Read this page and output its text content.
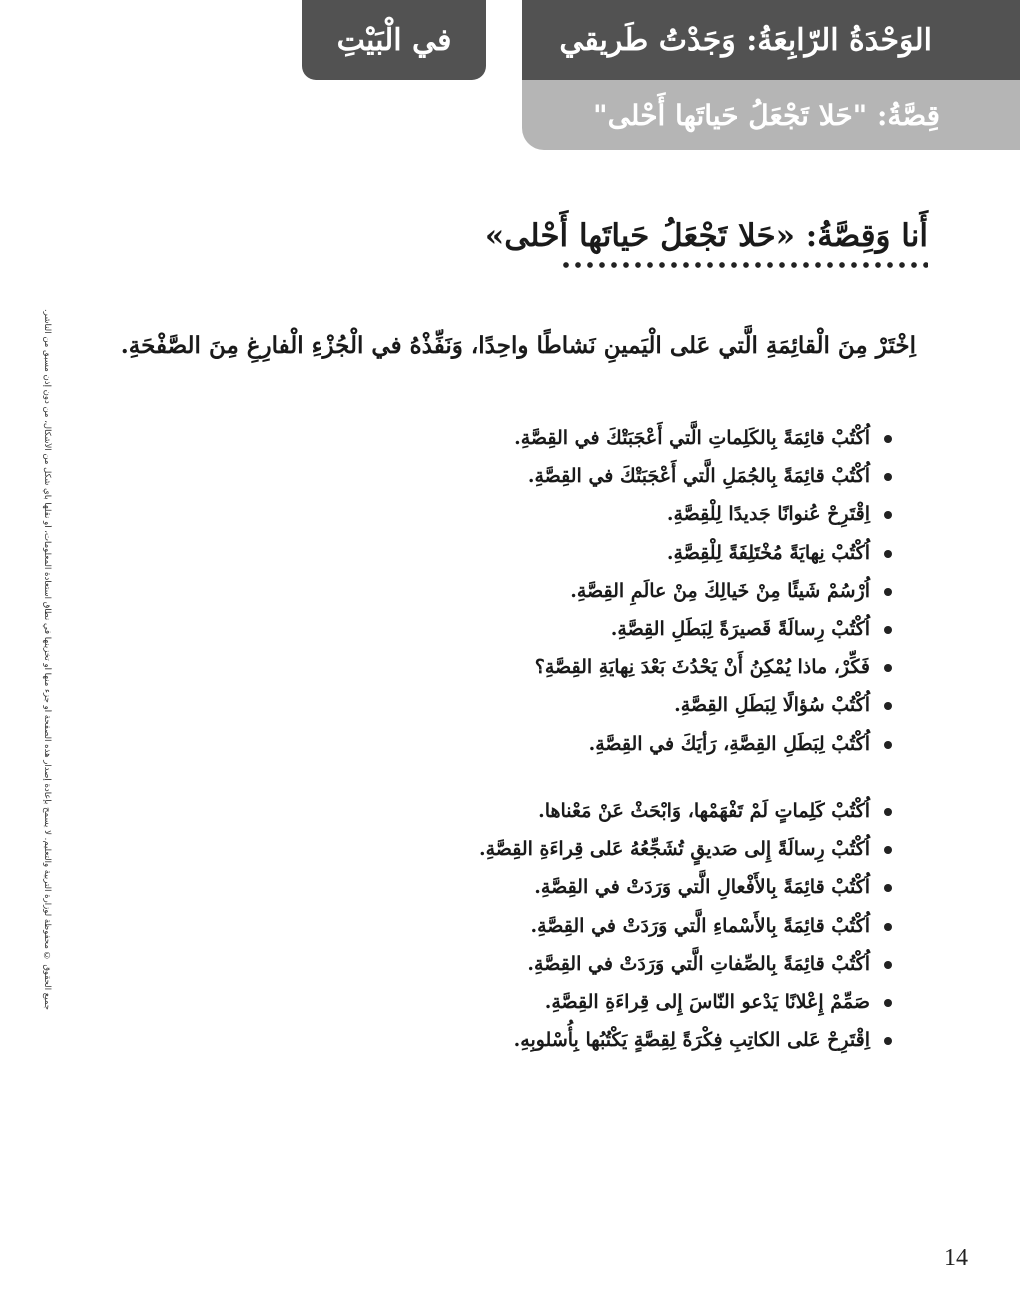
في الْبَيْتِ	الوَحْدَةُ الرّابِعَةُ: وَجَدْتُ طَريقي
قِصَّةُ: "حَلا تَجْعَلُ حَياتَها أَحْلى"
أَنا وَقِصَّةُ: «حَلا تَجْعَلُ حَياتَها أَحْلى»
اِخْتَرْ مِنَ الْقائِمَةِ الَّتي عَلى الْيَمينِ نَشاطًا واحِدًا، وَنَفِّذْهُ في الْجُزْءِ الْفارِغِ مِنَ الصَّفْحَةِ.
اُكْتُبْ قائِمَةً بِالكَلِماتِ الَّتي أَعْجَبَتْكَ في القِصَّةِ.
اُكْتُبْ قائِمَةً بِالجُمَلِ الَّتي أَعْجَبَتْكَ في القِصَّةِ.
اِقْتَرِحْ عُنوانًا جَديدًا لِلْقِصَّةِ.
اُكْتُبْ نِهايَةً مُخْتَلِفَةً لِلْقِصَّةِ.
اُرْسُمْ شَيئًا مِنْ خَيالِكَ مِنْ عالَمِ القِصَّةِ.
اُكْتُبْ رِسالَةً قَصيرَةً لِبَطَلِ القِصَّةِ.
فَكِّرْ، ماذا يُمْكِنُ أَنْ يَحْدُثَ بَعْدَ نِهايَةِ القِصَّةِ؟
اُكْتُبْ سُؤالًا لِبَطَلِ القِصَّةِ.
اُكْتُبْ لِبَطَلِ القِصَّةِ، رَأيَكَ في القِصَّةِ.
اُكْتُبْ كَلِماتٍ لَمْ تَفْهَمْها، وَابْحَثْ عَنْ مَعْناها.
اُكْتُبْ رِسالَةً إِلى صَديقٍ تُشَجِّعُهُ عَلى قِراءَةِ القِصَّةِ.
اُكْتُبْ قائِمَةً بِالأَفْعالِ الَّتي وَرَدَتْ في القِصَّةِ.
اُكْتُبْ قائِمَةً بِالأَسْماءِ الَّتي وَرَدَتْ في القِصَّةِ.
اُكْتُبْ قائِمَةً بِالصِّفاتِ الَّتي وَرَدَتْ في القِصَّةِ.
صَمِّمْ إِعْلانًا يَدْعو النّاسَ إِلى قِراءَةِ القِصَّةِ.
اِقْتَرِحْ عَلى الكاتِبِ فِكْرَةً لِقِصَّةٍ يَكْتُبُها بِأُسْلوبِهِ.
جميع الحقوق © محفوظة لوزارة التربية والتعليم. لا يسمح بإعادة إصدار هذه الصفحة أو جزء منها أو تخزينها في نطاق استعادة المعلومات، أو نقلها بأي شكل من الأشكال، من دون إذن مسبق من الناشر.
14
